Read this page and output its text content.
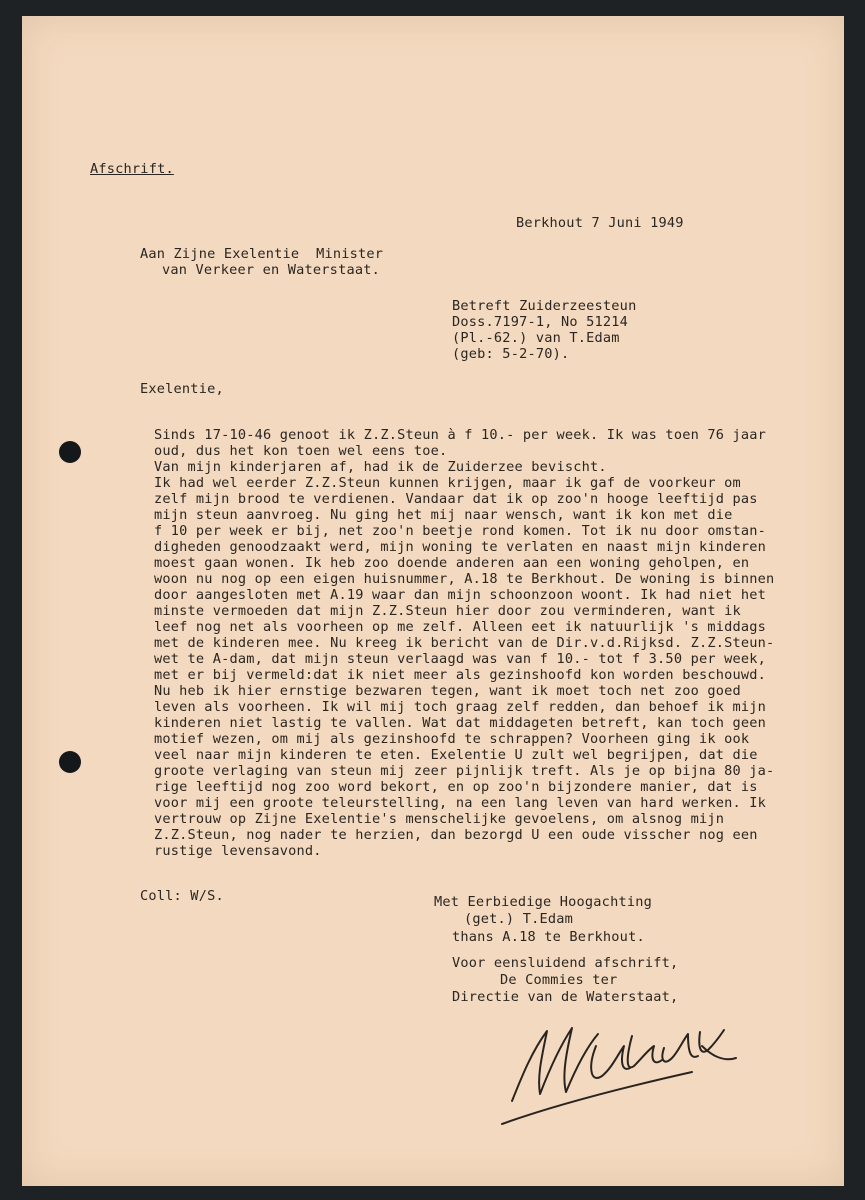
Afschrift.
Berkhout 7 Juni 1949
Aan Zijne Exelentie  Minister
van Verkeer en Waterstaat.
Betreft Zuiderzeesteun
Doss.7197-1, No 51214
(Pl.-62.) van T.Edam
(geb: 5-2-70).
Exelentie,
Sinds 17-10-46 genoot ik Z.Z.Steun à f 10.- per week. Ik was toen 76 jaar
oud, dus het kon toen wel eens toe.
Van mijn kinderjaren af, had ik de Zuiderzee bevischt.
Ik had wel eerder Z.Z.Steun kunnen krijgen, maar ik gaf de voorkeur om
zelf mijn brood te verdienen. Vandaar dat ik op zoo'n hooge leeftijd pas
mijn steun aanvroeg. Nu ging het mij naar wensch, want ik kon met die
f 10 per week er bij, net zoo'n beetje rond komen. Tot ik nu door omstan-
digheden genoodzaakt werd, mijn woning te verlaten en naast mijn kinderen
moest gaan wonen. Ik heb zoo doende anderen aan een woning geholpen, en
woon nu nog op een eigen huisnummer, A.18 te Berkhout. De woning is binnen
door aangesloten met A.19 waar dan mijn schoonzoon woont. Ik had niet het
minste vermoeden dat mijn Z.Z.Steun hier door zou verminderen, want ik
leef nog net als voorheen op me zelf. Alleen eet ik natuurlijk 's middags
met de kinderen mee. Nu kreeg ik bericht van de Dir.v.d.Rijksd. Z.Z.Steun-
wet te A-dam, dat mijn steun verlaagd was van f 10.- tot f 3.50 per week,
met er bij vermeld:dat ik niet meer als gezinshoofd kon worden beschouwd.
Nu heb ik hier ernstige bezwaren tegen, want ik moet toch net zoo goed
leven als voorheen. Ik wil mij toch graag zelf redden, dan behoef ik mijn
kinderen niet lastig te vallen. Wat dat middageten betreft, kan toch geen
motief wezen, om mij als gezinshoofd te schrappen? Voorheen ging ik ook
veel naar mijn kinderen te eten. Exelentie U zult wel begrijpen, dat die
groote verlaging van steun mij zeer pijnlijk treft. Als je op bijna 80 ja-
rige leeftijd nog zoo word bekort, en op zoo'n bijzondere manier, dat is
voor mij een groote teleurstelling, na een lang leven van hard werken. Ik
vertrouw op Zijne Exelentie's menschelijke gevoelens, om alsnog mijn
Z.Z.Steun, nog nader te herzien, dan bezorgd U een oude visscher nog een
rustige levensavond.
Coll: W/S.	Met Eerbiedige Hoogachting
(get.) T.Edam
thans A.18 te Berkhout.
Voor eensluidend afschrift,
De Commies ter
Directie van de Waterstaat,
